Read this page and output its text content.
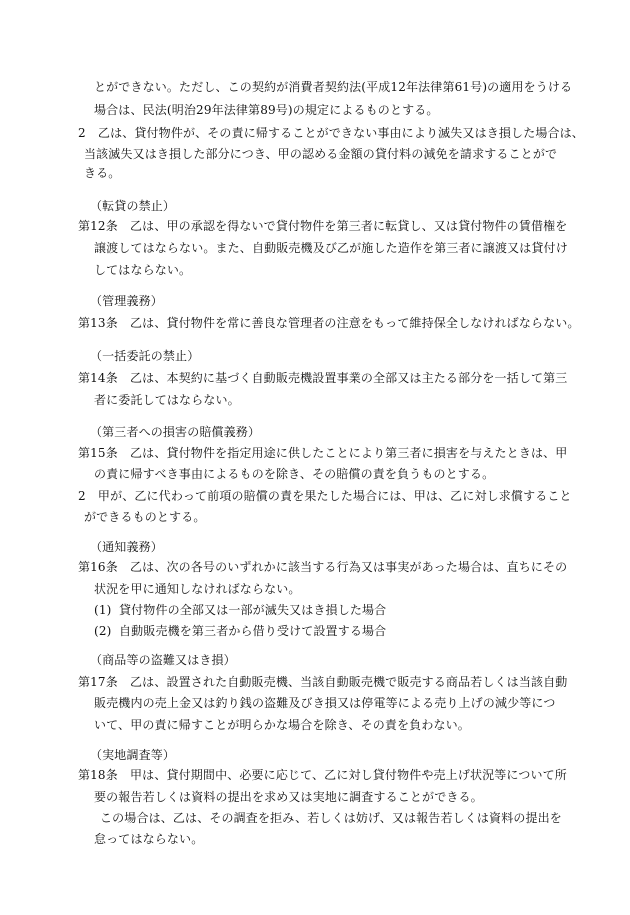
とができない。ただし、この契約が消費者契約法(平成12年法律第61号)の適用をうける
場合は、民法(明治29年法律第89号)の規定によるものとする。
2　乙は、貸付物件が、その責に帰することができない事由により滅失又はき損した場合は、
当該滅失又はき損した部分につき、甲の認める金額の貸付料の減免を請求することがで
きる。
（転貸の禁止）
第12条　乙は、甲の承認を得ないで貸付物件を第三者に転貸し、又は貸付物件の賃借権を
譲渡してはならない。また、自動販売機及び乙が施した造作を第三者に譲渡又は貸付け
してはならない。
（管理義務）
第13条　乙は、貸付物件を常に善良な管理者の注意をもって維持保全しなければならない。
（一括委託の禁止）
第14条　乙は、本契約に基づく自動販売機設置事業の全部又は主たる部分を一括して第三
者に委託してはならない。
（第三者への損害の賠償義務）
第15条　乙は、貸付物件を指定用途に供したことにより第三者に損害を与えたときは、甲
の責に帰すべき事由によるものを除き、その賠償の責を負うものとする。
2　甲が、乙に代わって前項の賠償の責を果たした場合には、甲は、乙に対し求償すること
ができるものとする。
（通知義務）
第16条　乙は、次の各号のいずれかに該当する行為又は事実があった場合は、直ちにその
状況を甲に通知しなければならない。
(1) 貸付物件の全部又は一部が滅失又はき損した場合
(2) 自動販売機を第三者から借り受けて設置する場合
（商品等の盗難又はき損）
第17条　乙は、設置された自動販売機、当該自動販売機で販売する商品若しくは当該自動
販売機内の売上金又は釣り銭の盗難及びき損又は停電等による売り上げの減少等につ
いて、甲の責に帰すことが明らかな場合を除き、その責を負わない。
（実地調査等）
第18条　甲は、貸付期間中、必要に応じて、乙に対し貸付物件や売上げ状況等について所
要の報告若しくは資料の提出を求め又は実地に調査することができる。
この場合は、乙は、その調査を拒み、若しくは妨げ、又は報告若しくは資料の提出を
怠ってはならない。
